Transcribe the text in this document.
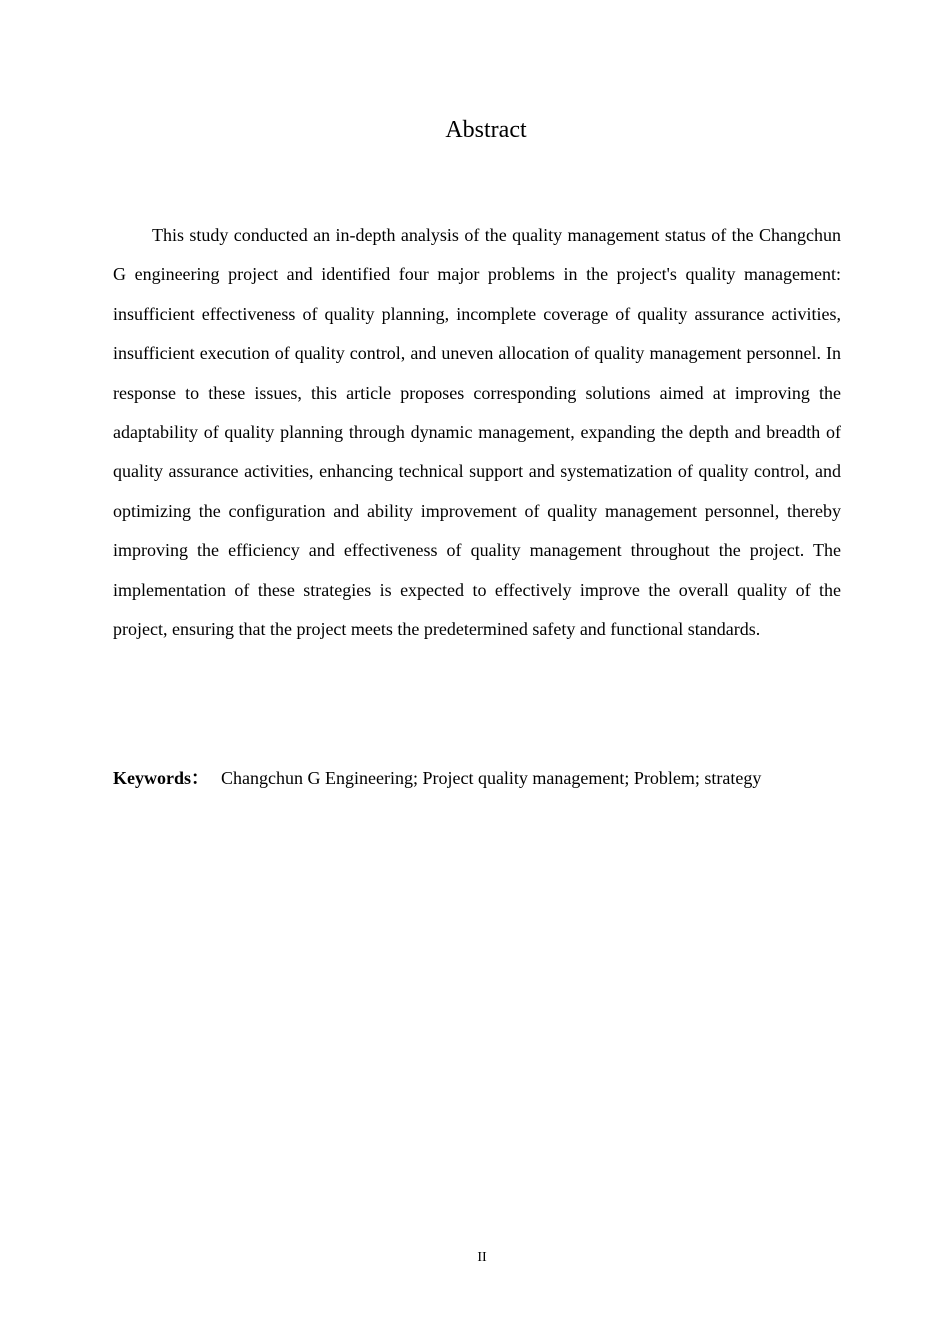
Abstract

This study conducted an in-depth analysis of the quality management status of the Changchun G engineering project and identified four major problems in the project's quality management: insufficient effectiveness of quality planning, incomplete coverage of quality assurance activities, insufficient execution of quality control, and uneven allocation of quality management personnel. In response to these issues, this article proposes corresponding solutions aimed at improving the adaptability of quality planning through dynamic management, expanding the depth and breadth of quality assurance activities, enhancing technical support and systematization of quality control, and optimizing the configuration and ability improvement of quality management personnel, thereby improving the efficiency and effectiveness of quality management throughout the project. The implementation of these strategies is expected to effectively improve the overall quality of the project, ensuring that the project meets the predetermined safety and functional standards.

Keywords： Changchun G Engineering; Project quality management; Problem; strategy

II
